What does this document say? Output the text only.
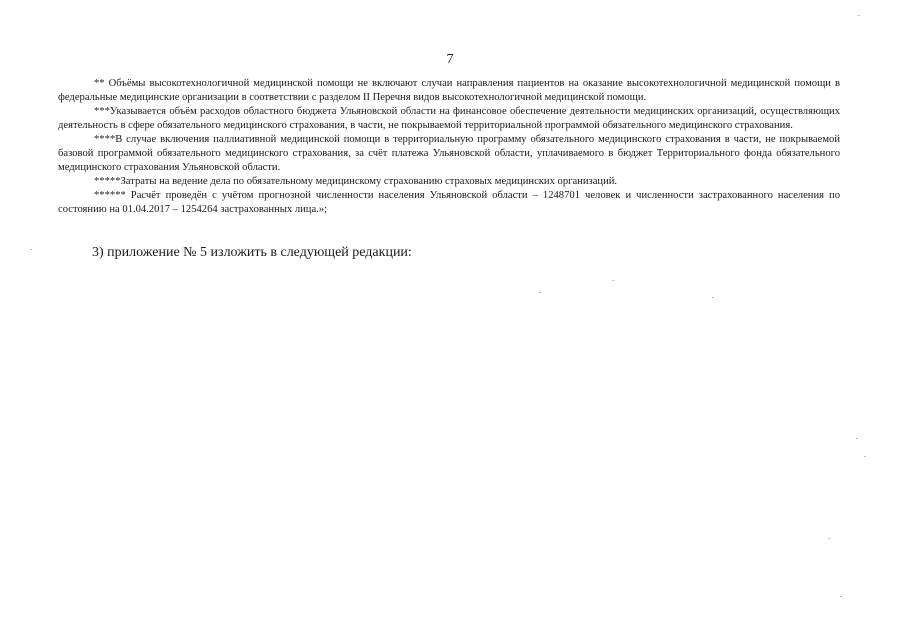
7

** Объёмы высокотехнологичной медицинской помощи не включают случаи направления пациентов на оказание высокотехнологичной медицинской помощи в федеральные медицинские организации в соответствии с разделом II Перечня видов высокотехнологичной медицинской помощи.

***Указывается объём расходов областного бюджета Ульяновской области на финансовое обеспечение деятельности медицинских организаций, осуществляющих деятельность в сфере обязательного медицинского страхования, в части, не покрываемой территориальной программой обязательного медицинского страхования.

****В случае включения паллиативной медицинской помощи в территориальную программу обязательного медицинского страхования в части, не покрываемой базовой программой обязательного медицинского страхования, за счёт платежа Ульяновской области, уплачиваемого в бюджет Территориального фонда обязательного медицинского страхования Ульяновской области.

*****Затраты на ведение дела по обязательному медицинскому страхованию страховых медицинских организаций.

****** Расчёт проведён с учётом прогнозной численности населения Ульяновской области – 1248701 человек и численности застрахованного населения по состоянию на 01.04.2017 – 1254264 застрахованных лица.»;

3) приложение № 5 изложить в следующей редакции:
